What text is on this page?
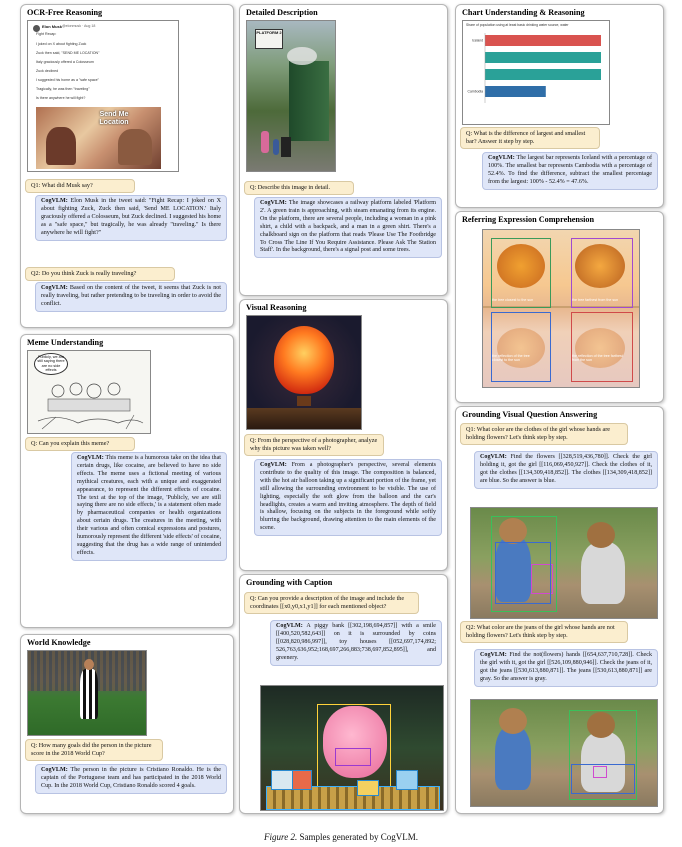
OCR-Free Reasoning
Elon Musk @elonmusk · Aug 18
Fight Recap:
I joked on X about fighting Zuck
Zuck then said, "SEND ME LOCATION"
Italy graciously offered a Colosseum
Zuck declined
I suggested his home as a "safe space"
Tragically, he was then "traveling"
Is there anywhere he will fight?
Send Me Location
Q1: What did Musk say?
CogVLM: Elon Musk in the tweet said: "Fight Recap: I joked on X about fighting Zuck, Zuck then said, 'Send ME LOCATION.' Italy graciously offered a Colosseum, but Zuck declined. I suggested his home as a "safe space," but tragically, he was already "traveling." Is there anywhere he will fight?"
Q2: Do you think Zuck is really traveling?
CogVLM: Based on the content of the tweet, it seems that Zuck is not really traveling, but rather pretending to be traveling in order to avoid the conflict.
Meme Understanding
Publicly, we are still saying there are no side effects
Q: Can you explain this meme?
CogVLM: This meme is a humorous take on the idea that certain drugs, like cocaine, are believed to have no side effects. The meme uses a fictional meeting of various mythical creatures, each with a unique and exaggerated appearance, to represent the different effects of cocaine. The text at the top of the image, 'Publicly, we are still saying there are no side effects,' is a statement often made by pharmaceutical companies or health organizations about certain drugs. The creatures in the meeting, with their various and often comical expressions and postures, humorously represent the different 'side effects' of cocaine, suggesting that the drug has a wide range of unintended effects.
World Knowledge
Q: How many goals did the person in the picture score in the 2018 World Cup?
CogVLM: The person in the picture is Cristiano Ronaldo. He is the captain of the Portuguese team and has participated in the 2018 World Cup. In the 2018 World Cup, Cristiano Ronaldo scored 4 goals.
Detailed Description
PLATFORM 2
Q: Describe this image in detail.
CogVLM: The image showcases a railway platform labeled 'Platform 2'. A green train is approaching, with steam emanating from its engine. On the platform, there are several people, including a woman in a pink shirt, a child with a backpack, and a man in a green shirt. There's a chalkboard sign on the platform that reads 'Please Use The Footbridge To Cross The Line If You Require Assistance. Please Ask The Station Staff'. In the background, there's a signal post and some trees.
Visual Reasoning
Q: From the perspective of a photographer, analyze why this picture was taken well?
CogVLM: From a photographer's perspective, several elements contribute to the quality of this image. The composition is balanced, with the hot air balloon taking up a significant portion of the frame, yet still allowing the surrounding environment to be visible. The use of lighting, especially the soft glow from the balloon and the car's headlights, creates a warm and inviting atmosphere. The depth of field is shallow, focusing on the subjects in the foreground while softly blurring the background, drawing attention to the main elements of the scene.
Grounding with Caption
Q: Can you provide a description of the image and include the coordinates [[x0,y0,x1,y1]] for each mentioned object?
CogVLM: A piggy bank [[302,198,694,857]] with a smile [[400,520,582,643]] on it is surrounded by coins [[028,820,986,997]], toy houses [[052,697,174,892; 526,763,636,952;168,697,266,883;738,697,852,895]], and greenery.
Chart Understanding & Reasoning
Share of population using at least basic drinking water source, water
Iceland
Cambodia
Q: What is the difference of largest and smallest bar? Answer it step by step.
CogVLM: The largest bar represents Iceland with a percentage of 100%. The smallest bar represents Cambodia with a percentage of 52.4%. To find the difference, subtract the smallest percentage from the largest: 100% - 52.4% = 47.6%.
Referring Expression Comprehension
the tree closest to the sun	the tree farthest from the sun
the reflection of the tree closest to the sun
the reflection of the tree farthest from the sun
Grounding Visual Question Answering
Q1: What color are the clothes of the girl whose hands are holding flowers? Let's think step by step.
CogVLM: Find the flowers [[328,519,436,780]]. Check the girl holding it, got the girl [[116,069,450,927]]. Check the clothes of it, got the clothes [[134,309,418,852]]. The clothes [[134,309,418,852]] are blue. So the answer is blue.
Q2: What color are the jeans of the girl whose hands are not holding flowers? Let's think step by step.
CogVLM: Find the not(flowers) hands [[654,637,710,728]]. Check the girl with it, got the girl [[526,109,880,946]]. Check the jeans of it, got the jeans [[530,613,880,871]]. The jeans [[530,613,880,871]] are gray. So the answer is gray.
Figure 2. Samples generated by CogVLM.
